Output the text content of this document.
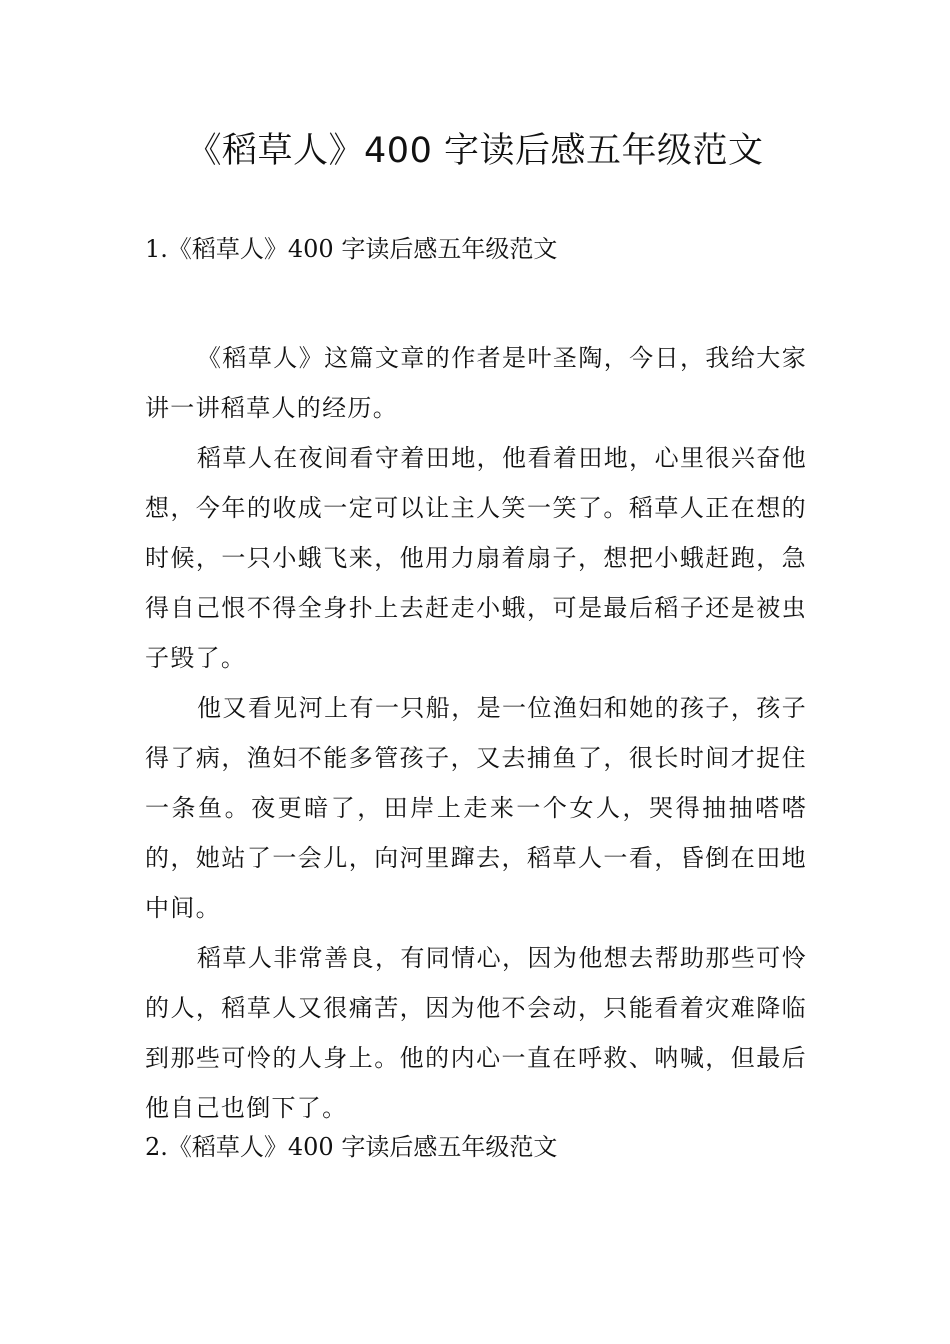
《稻草人》400 字读后感五年级范文
1.《稻草人》400 字读后感五年级范文

《稻草人》这篇文章的作者是叶圣陶，今日，我给大家讲一讲稻草人的经历。

稻草人在夜间看守着田地，他看着田地，心里很兴奋他想，今年的收成一定可以让主人笑一笑了。稻草人正在想的时候，一只小蛾飞来，他用力扇着扇子，想把小蛾赶跑，急得自己恨不得全身扑上去赶走小蛾，可是最后稻子还是被虫子毁了。

他又看见河上有一只船，是一位渔妇和她的孩子，孩子得了病，渔妇不能多管孩子，又去捕鱼了，很长时间才捉住一条鱼。夜更暗了，田岸上走来一个女人，哭得抽抽嗒嗒的，她站了一会儿，向河里蹿去，稻草人一看，昏倒在田地中间。

稻草人非常善良，有同情心，因为他想去帮助那些可怜的人，稻草人又很痛苦，因为他不会动，只能看着灾难降临到那些可怜的人身上。他的内心一直在呼救、呐喊，但最后他自己也倒下了。

2.《稻草人》400 字读后感五年级范文
